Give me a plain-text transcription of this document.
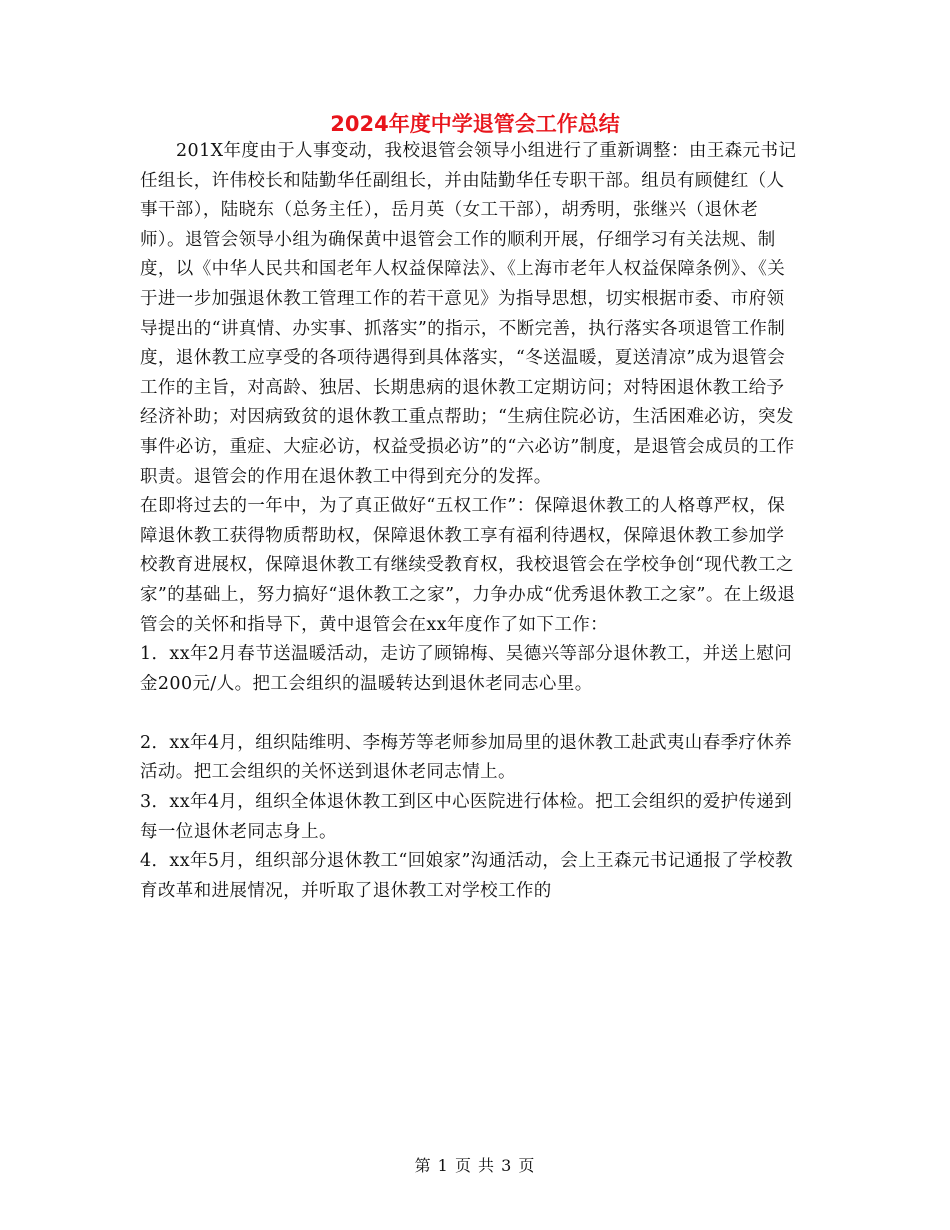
2024年度中学退管会工作总结

201X年度由于人事变动，我校退管会领导小组进行了重新调整：由王森元书记任组长，许伟校长和陆勤华任副组长，并由陆勤华任专职干部。组员有顾健红（人事干部），陆晓东（总务主任），岳月英（女工干部），胡秀明，张继兴（退休老师）。退管会领导小组为确保黄中退管会工作的顺利开展，仔细学习有关法规、制度，以《中华人民共和国老年人权益保障法》、《上海市老年人权益保障条例》、《关于进一步加强退休教工管理工作的若干意见》为指导思想，切实根据市委、市府领导提出的“讲真情、办实事、抓落实”的指示，不断完善，执行落实各项退管工作制度，退休教工应享受的各项待遇得到具体落实，“冬送温暖，夏送清凉”成为退管会工作的主旨，对高龄、独居、长期患病的退休教工定期访问；对特困退休教工给予经济补助；对因病致贫的退休教工重点帮助；“生病住院必访，生活困难必访，突发事件必访，重症、大症必访，权益受损必访”的“六必访”制度，是退管会成员的工作职责。退管会的作用在退休教工中得到充分的发挥。

在即将过去的一年中，为了真正做好“五权工作”：保障退休教工的人格尊严权，保障退休教工获得物质帮助权，保障退休教工享有福利待遇权，保障退休教工参加学校教育进展权，保障退休教工有继续受教育权，我校退管会在学校争创“现代教工之家”的基础上，努力搞好“退休教工之家”，力争办成“优秀退休教工之家”。在上级退管会的关怀和指导下，黄中退管会在xx年度作了如下工作：

1．xx年2月春节送温暖活动，走访了顾锦梅、吴德兴等部分退休教工，并送上慰问金200元/人。把工会组织的温暖转达到退休老同志心里。

2．xx年4月，组织陆维明、李梅芳等老师参加局里的退休教工赴武夷山春季疗休养活动。把工会组织的关怀送到退休老同志情上。

3．xx年4月，组织全体退休教工到区中心医院进行体检。把工会组织的爱护传递到每一位退休老同志身上。

4．xx年5月，组织部分退休教工“回娘家”沟通活动，会上王森元书记通报了学校教育改革和进展情况，并听取了退休教工对学校工作的

第 1 页 共 3 页
